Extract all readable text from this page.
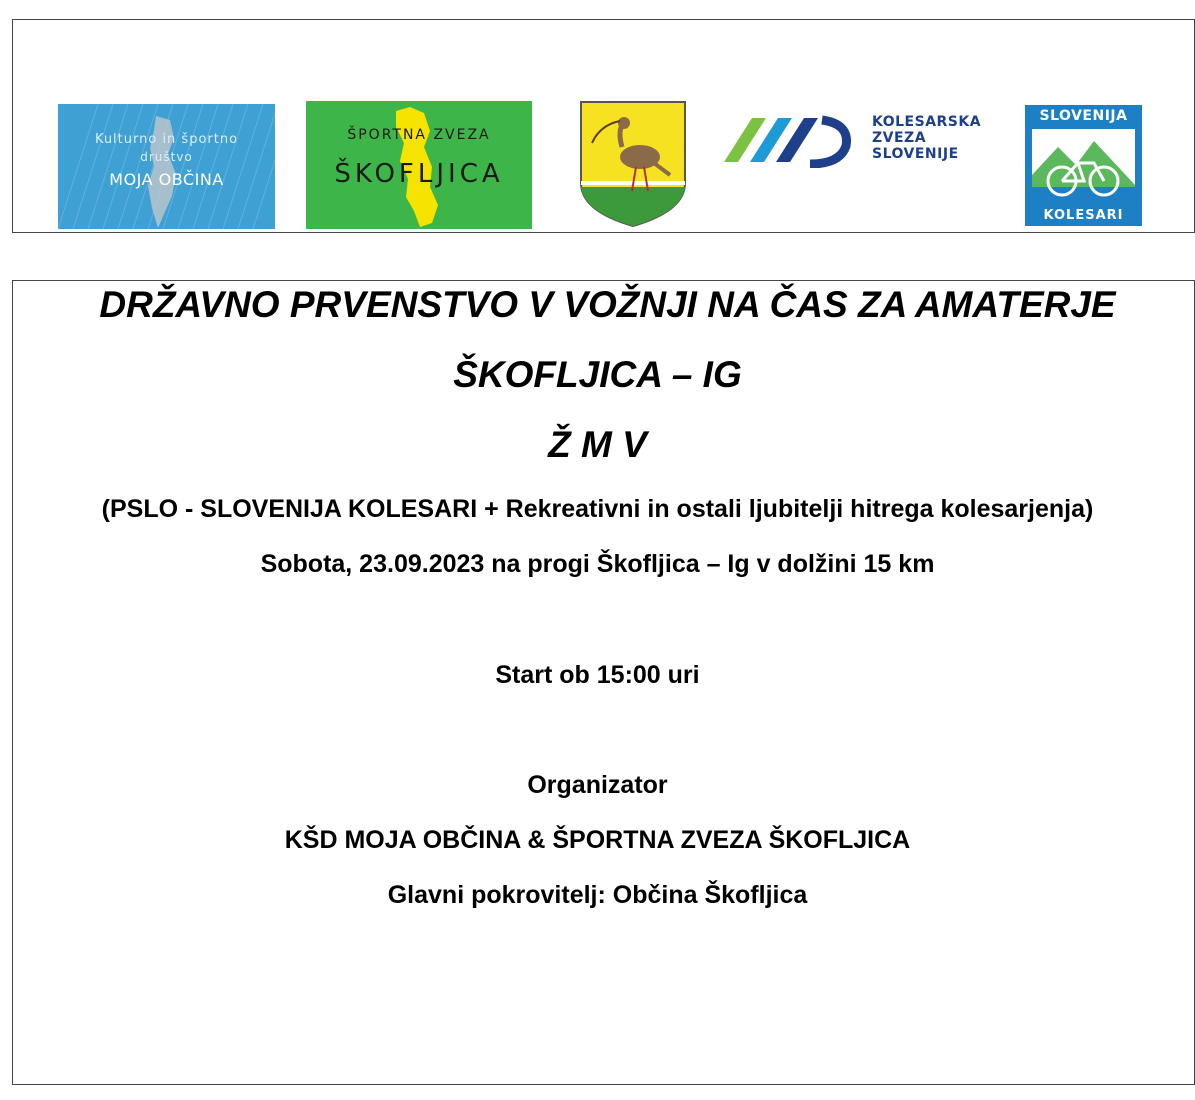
Kulturno in športno
društvo
MOJA OBČINA
ŠPORTNA ZVEZA
ŠKOFLJICA
KOLESARSKA
ZVEZA
SLOVENIJE
SLOVENIJA
KOLESARI
DRŽAVNO PRVENSTVO V VOŽNJI NA ČAS ZA AMATERJE
ŠKOFLJICA – IG
Ž M V
(PSLO - SLOVENIJA KOLESARI + Rekreativni in ostali ljubitelji hitrega kolesarjenja)
Sobota, 23.09.2023 na progi Škofljica – Ig v dolžini 15 km
Start ob 15:00 uri
Organizator
KŠD MOJA OBČINA & ŠPORTNA ZVEZA ŠKOFLJICA
Glavni pokrovitelj: Občina Škofljica
